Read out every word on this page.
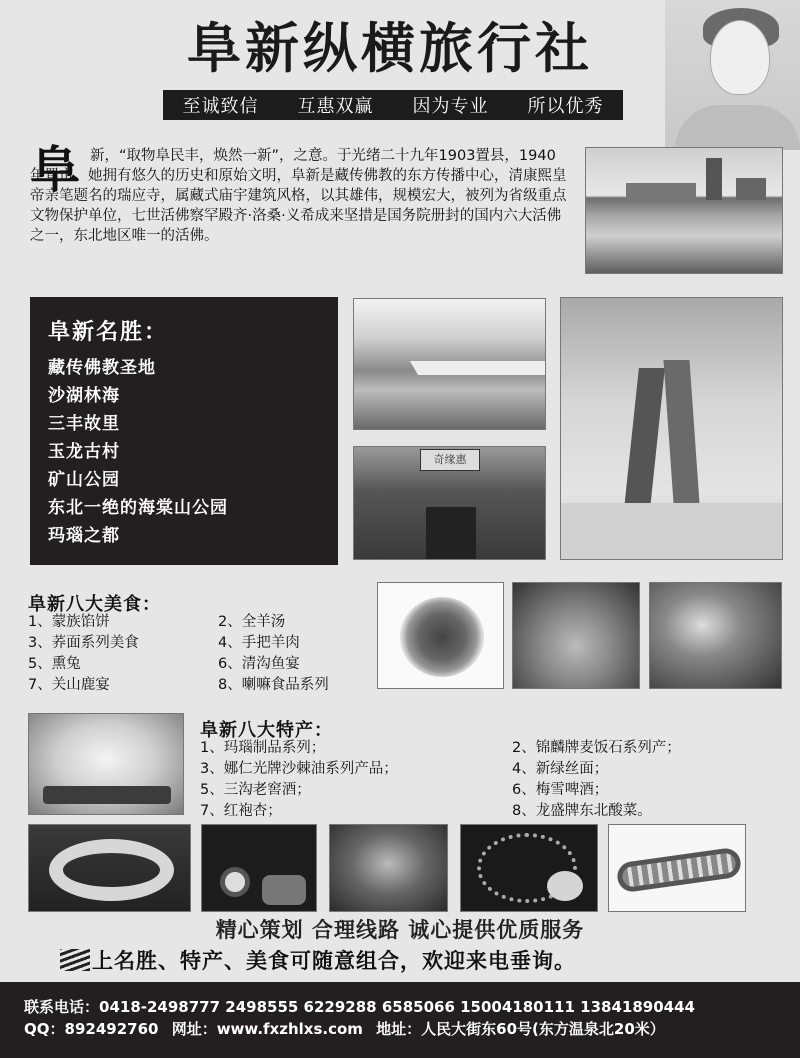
阜新纵横旅行社
至诚致信 互惠双赢 因为专业 所以优秀
阜 新，“取物阜民丰，焕然一新”，之意。于光绪二十九年1903置县，1940年置市。她拥有悠久的历史和原始文明，阜新是藏传佛教的东方传播中心，清康熙皇帝亲笔题名的瑞应寺，属藏式庙宇建筑风格，以其雄伟，规模宏大，被列为省级重点文物保护单位，七世活佛察罕殿齐·洛桑·义希成来坚措是国务院册封的国内六大活佛之一，东北地区唯一的活佛。
阜新名胜：
藏传佛教圣地
沙湖林海
三丰故里
玉龙古村
矿山公园
东北一绝的海棠山公园
玛瑙之都
奇缘惠
阜新八大美食：
1、蒙族馅饼	2、全羊汤
3、荞面系列美食	4、手把羊肉
5、熏兔	6、清沟鱼宴
7、关山鹿宴	8、喇嘛食品系列
阜新八大特产：
1、玛瑙制品系列；	2、锦麟牌麦饭石系列产；
3、娜仁光牌沙棘油系列产品；	4、新绿丝面；
5、三沟老窖酒；	6、梅雪啤酒；
7、红袍杏；	8、龙盛牌东北酸菜。
精心策划 合理线路 诚心提供优质服务
上名胜、特产、美食可随意组合，欢迎来电垂询。
联系电话：0418-2498777 2498555 6229288 6585066 15004180111 13841890444
QQ：892492760 网址：www.fxzhlxs.com 地址：人民大街东60号(东方温泉北20米）
